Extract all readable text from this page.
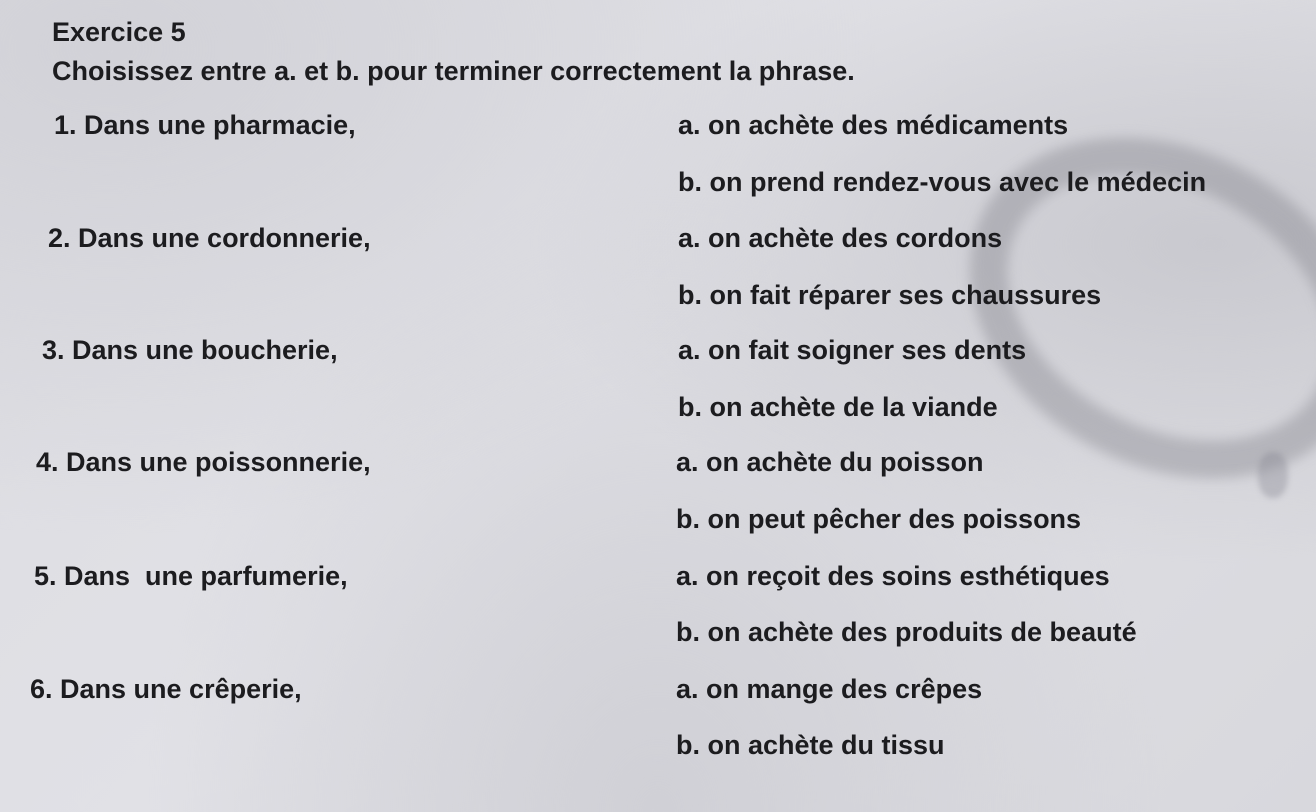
Exercice 5

Choisissez entre a. et b. pour terminer correctement la phrase.

1. Dans une pharmacie,	a. on achète des médicaments
b. on prend rendez-vous avec le médecin
2. Dans une cordonnerie,	a. on achète des cordons
b. on fait réparer ses chaussures
3. Dans une boucherie,	a. on fait soigner ses dents
b. on achète de la viande
4. Dans une poissonnerie,	a. on achète du poisson
b. on peut pêcher des poissons
5. Dans  une parfumerie,	a. on reçoit des soins esthétiques
b. on achète des produits de beauté
6. Dans une crêperie,	a. on mange des crêpes
b. on achète du tissu
